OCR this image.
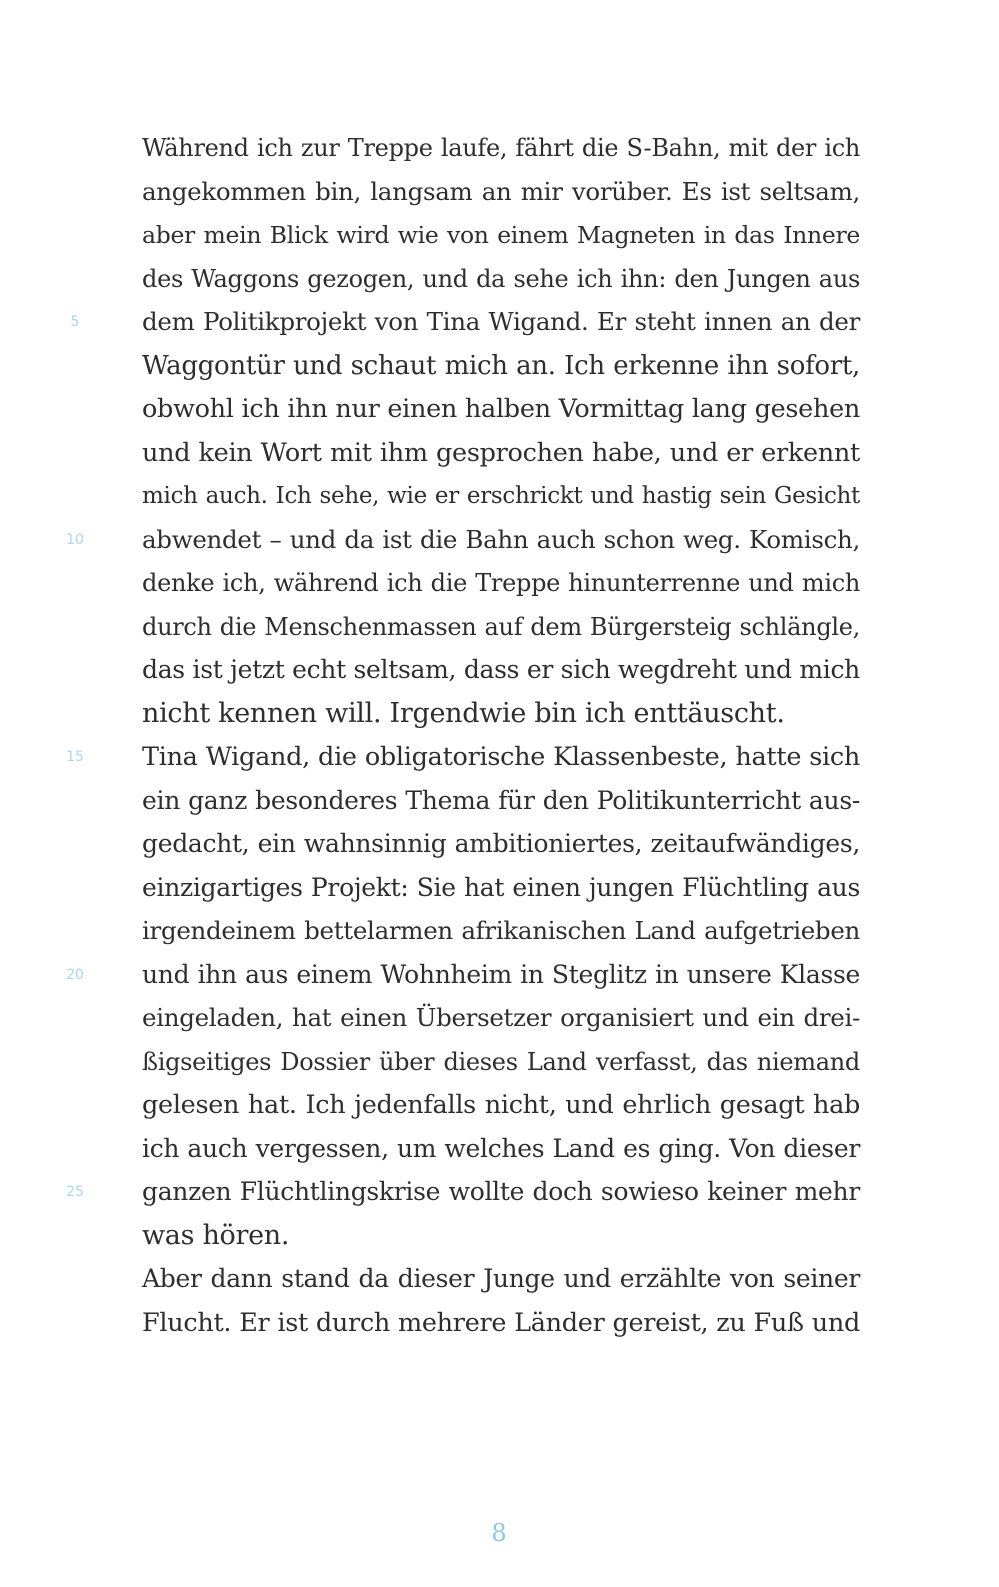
Während ich zur Treppe laufe, fährt die S-Bahn, mit der ich
angekommen bin, langsam an mir vorüber. Es ist seltsam,
aber mein Blick wird wie von einem Magneten in das Innere
des Waggons gezogen, und da sehe ich ihn: den Jungen aus
dem Politikprojekt von Tina Wigand. Er steht innen an der
Waggontür und schaut mich an. Ich erkenne ihn sofort,
obwohl ich ihn nur einen halben Vormittag lang gesehen
und kein Wort mit ihm gesprochen habe, und er erkennt
mich auch. Ich sehe, wie er erschrickt und hastig sein Gesicht
abwendet – und da ist die Bahn auch schon weg. Komisch,
denke ich, während ich die Treppe hinunterrenne und mich
durch die Menschenmassen auf dem Bürgersteig schlängle,
das ist jetzt echt seltsam, dass er sich wegdreht und mich
nicht kennen will. Irgendwie bin ich enttäuscht.
Tina Wigand, die obligatorische Klassenbeste, hatte sich
ein ganz besonderes Thema für den Politikunterricht aus-
gedacht, ein wahnsinnig ambitioniertes, zeitaufwändiges,
einzigartiges Projekt: Sie hat einen jungen Flüchtling aus
irgendeinem bettelarmen afrikanischen Land aufgetrieben
und ihn aus einem Wohnheim in Steglitz in unsere Klasse
eingeladen, hat einen Übersetzer organisiert und ein drei-
ßigseitiges Dossier über dieses Land verfasst, das niemand
gelesen hat. Ich jedenfalls nicht, und ehrlich gesagt hab
ich auch vergessen, um welches Land es ging. Von dieser
ganzen Flüchtlingskrise wollte doch sowieso keiner mehr
was hören.
Aber dann stand da dieser Junge und erzählte von seiner
Flucht. Er ist durch mehrere Länder gereist, zu Fuß und
5
10
15
20
25
8
